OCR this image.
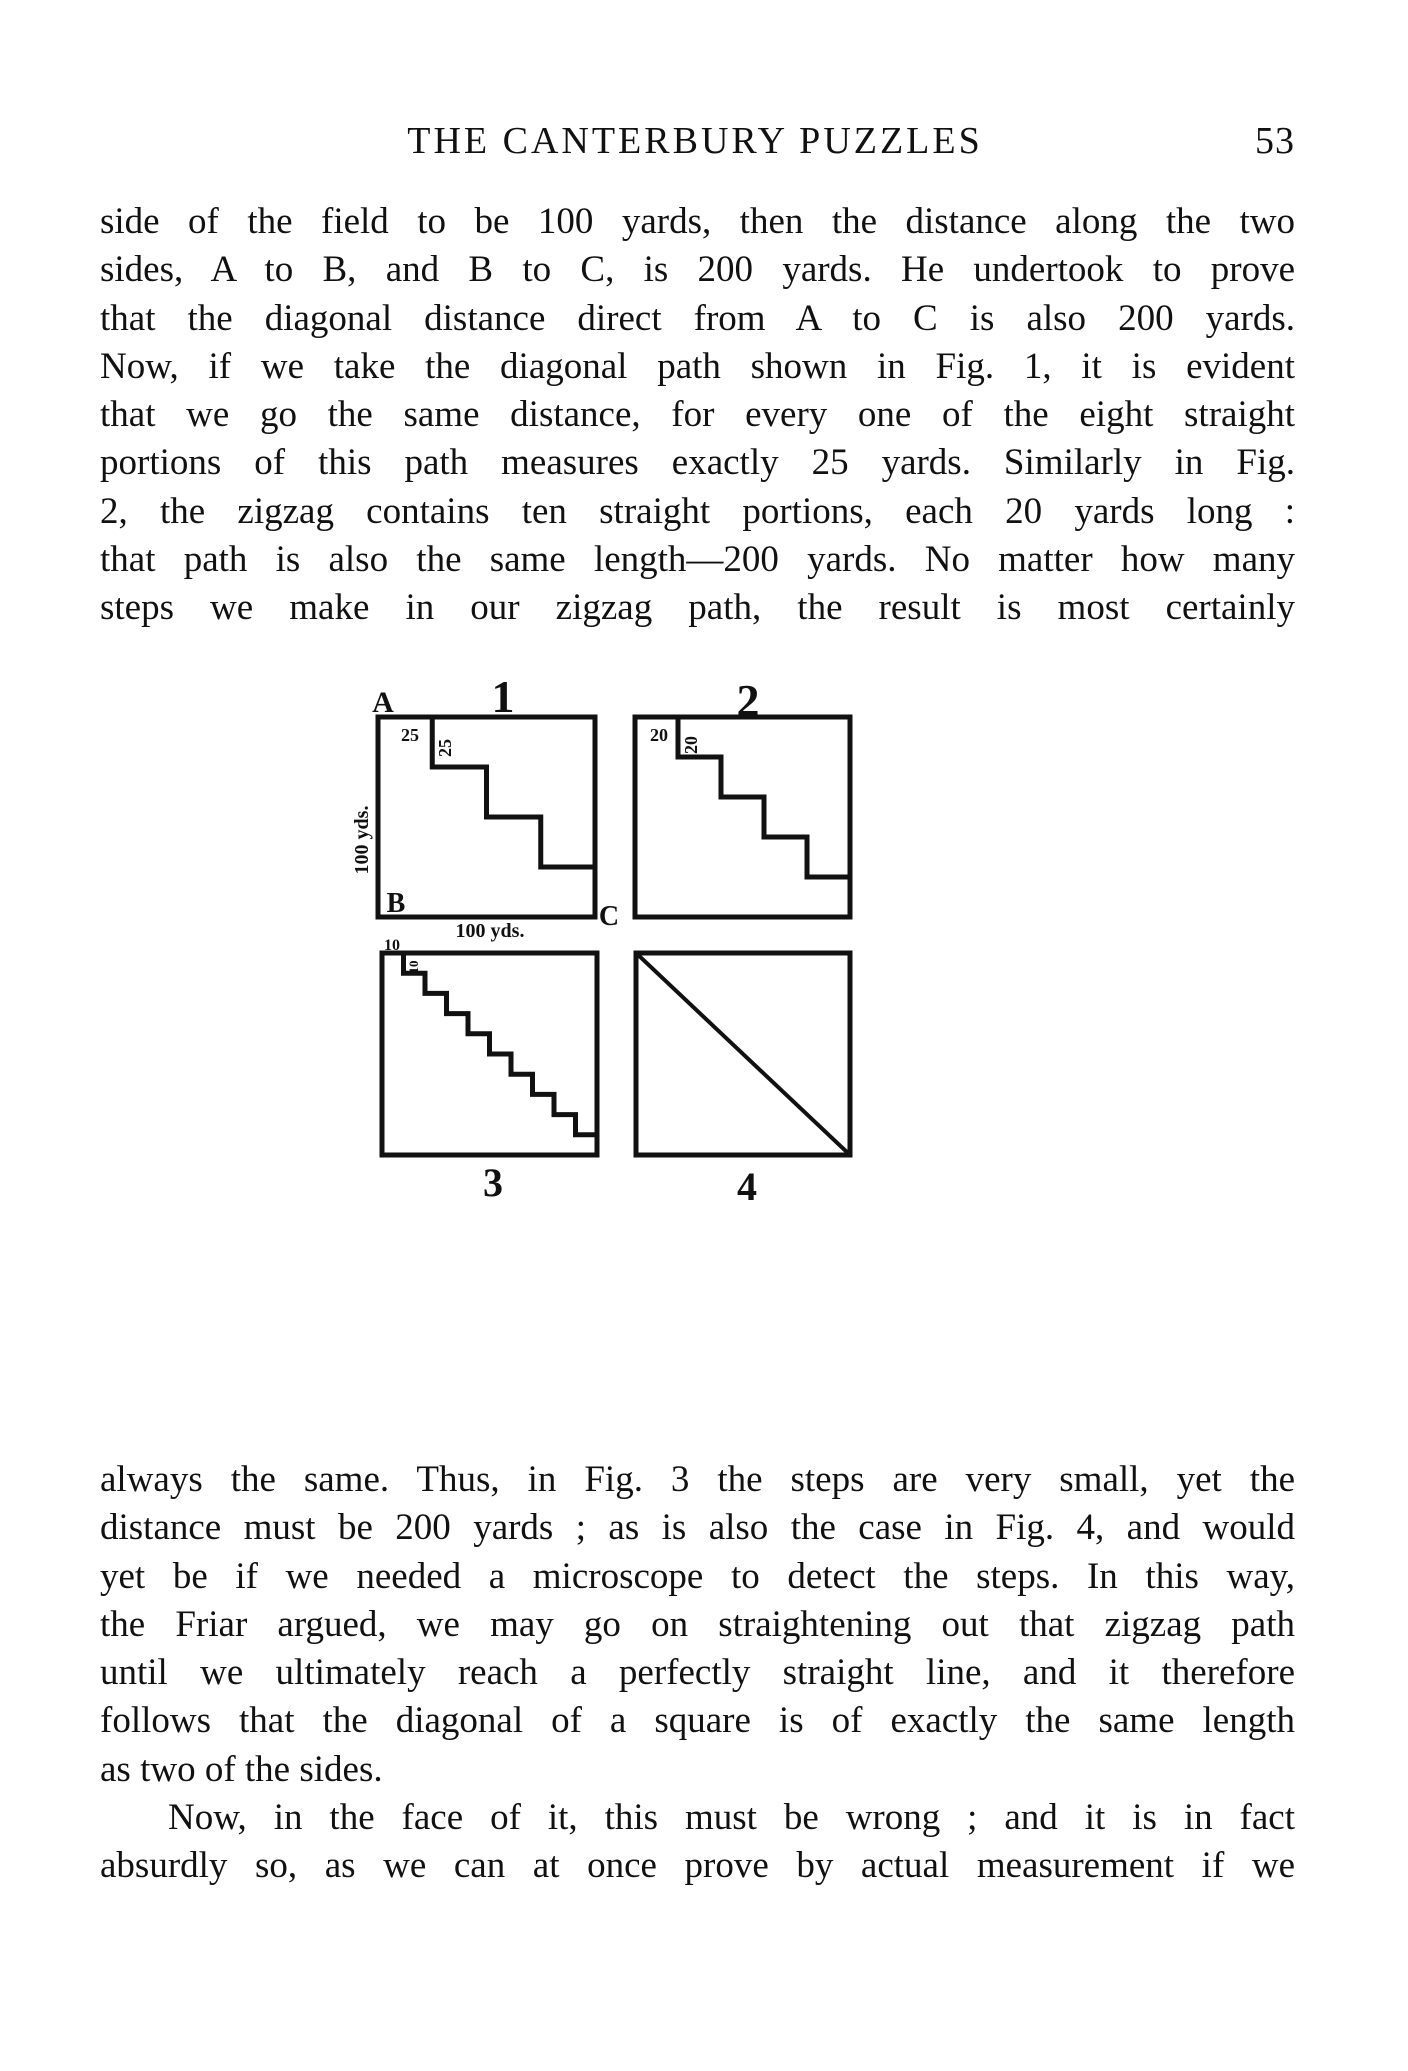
THE CANTERBURY PUZZLES	53
side of the field to be 100 yards, then the distance along the two
sides, A to B, and B to C, is 200 yards. He undertook to prove
that the diagonal distance direct from A to C is also 200 yards.
Now, if we take the diagonal path shown in Fig. 1, it is evident
that we go the same distance, for every one of the eight straight
portions of this path measures exactly 25 yards. Similarly in Fig.
2, the zigzag contains ten straight portions, each 20 yards long :
that path is also the same length—200 yards. No matter how many
steps we make in our zigzag path, the result is most certainly
1	2
3	4
A
B	C
100 yds.
100 yds.
25
25
20 20
10
10
always the same. Thus, in Fig. 3 the steps are very small, yet the
distance must be 200 yards ; as is also the case in Fig. 4, and would
yet be if we needed a microscope to detect the steps. In this way,
the Friar argued, we may go on straightening out that zigzag path
until we ultimately reach a perfectly straight line, and it therefore
follows that the diagonal of a square is of exactly the same length
as two of the sides.
Now, in the face of it, this must be wrong ; and it is in fact
absurdly so, as we can at once prove by actual measurement if we
